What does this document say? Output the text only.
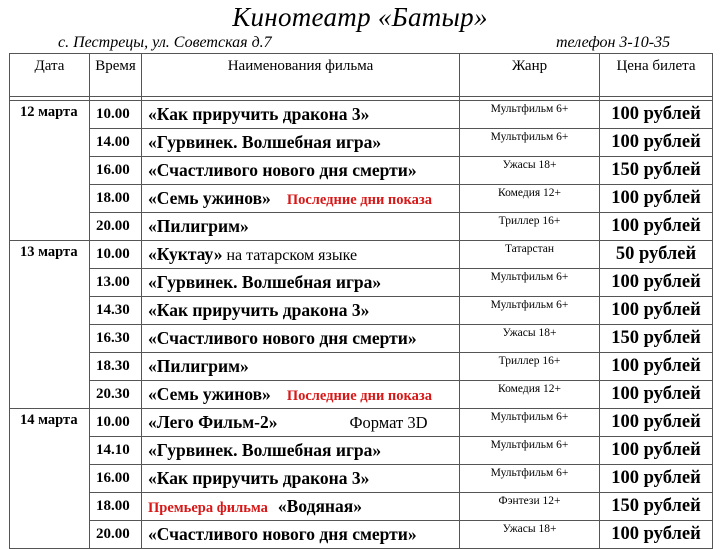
Кинотеатр «Батыр»
с. Пестрецы, ул. Советская д.7	телефон 3-10-35
Дата	Время	Наименования фильма	Жанр	Цена билета

12 марта	10.00	«Как приручить дракона 3»	Мультфильм 6+	100 рублей
	14.00	«Гурвинек. Волшебная игра»	Мультфильм 6+	100 рублей
	16.00	«Счастливого нового дня смерти»	Ужасы 18+	150 рублей
	18.00	«Семь ужинов» Последние дни показа	Комедия 12+	100 рублей
	20.00	«Пилигрим»	Триллер 16+	100 рублей
13 марта	10.00	«Куктау» на татарском языке	Татарстан	50 рублей
	13.00	«Гурвинек. Волшебная игра»	Мультфильм 6+	100 рублей
	14.30	«Как приручить дракона 3»	Мультфильм 6+	100 рублей
	16.30	«Счастливого нового дня смерти»	Ужасы 18+	150 рублей
	18.30	«Пилигрим»	Триллер 16+	100 рублей
	20.30	«Семь ужинов» Последние дни показа	Комедия 12+	100 рублей
14 марта	10.00	«Лего Фильм-2» Формат 3D	Мультфильм 6+	100 рублей
	14.10	«Гурвинек. Волшебная игра»	Мультфильм 6+	100 рублей
	16.00	«Как приручить дракона 3»	Мультфильм 6+	100 рублей
	18.00	Премьера фильма «Водяная»	Фэнтези 12+	150 рублей
	20.00	«Счастливого нового дня смерти»	Ужасы 18+	100 рублей
